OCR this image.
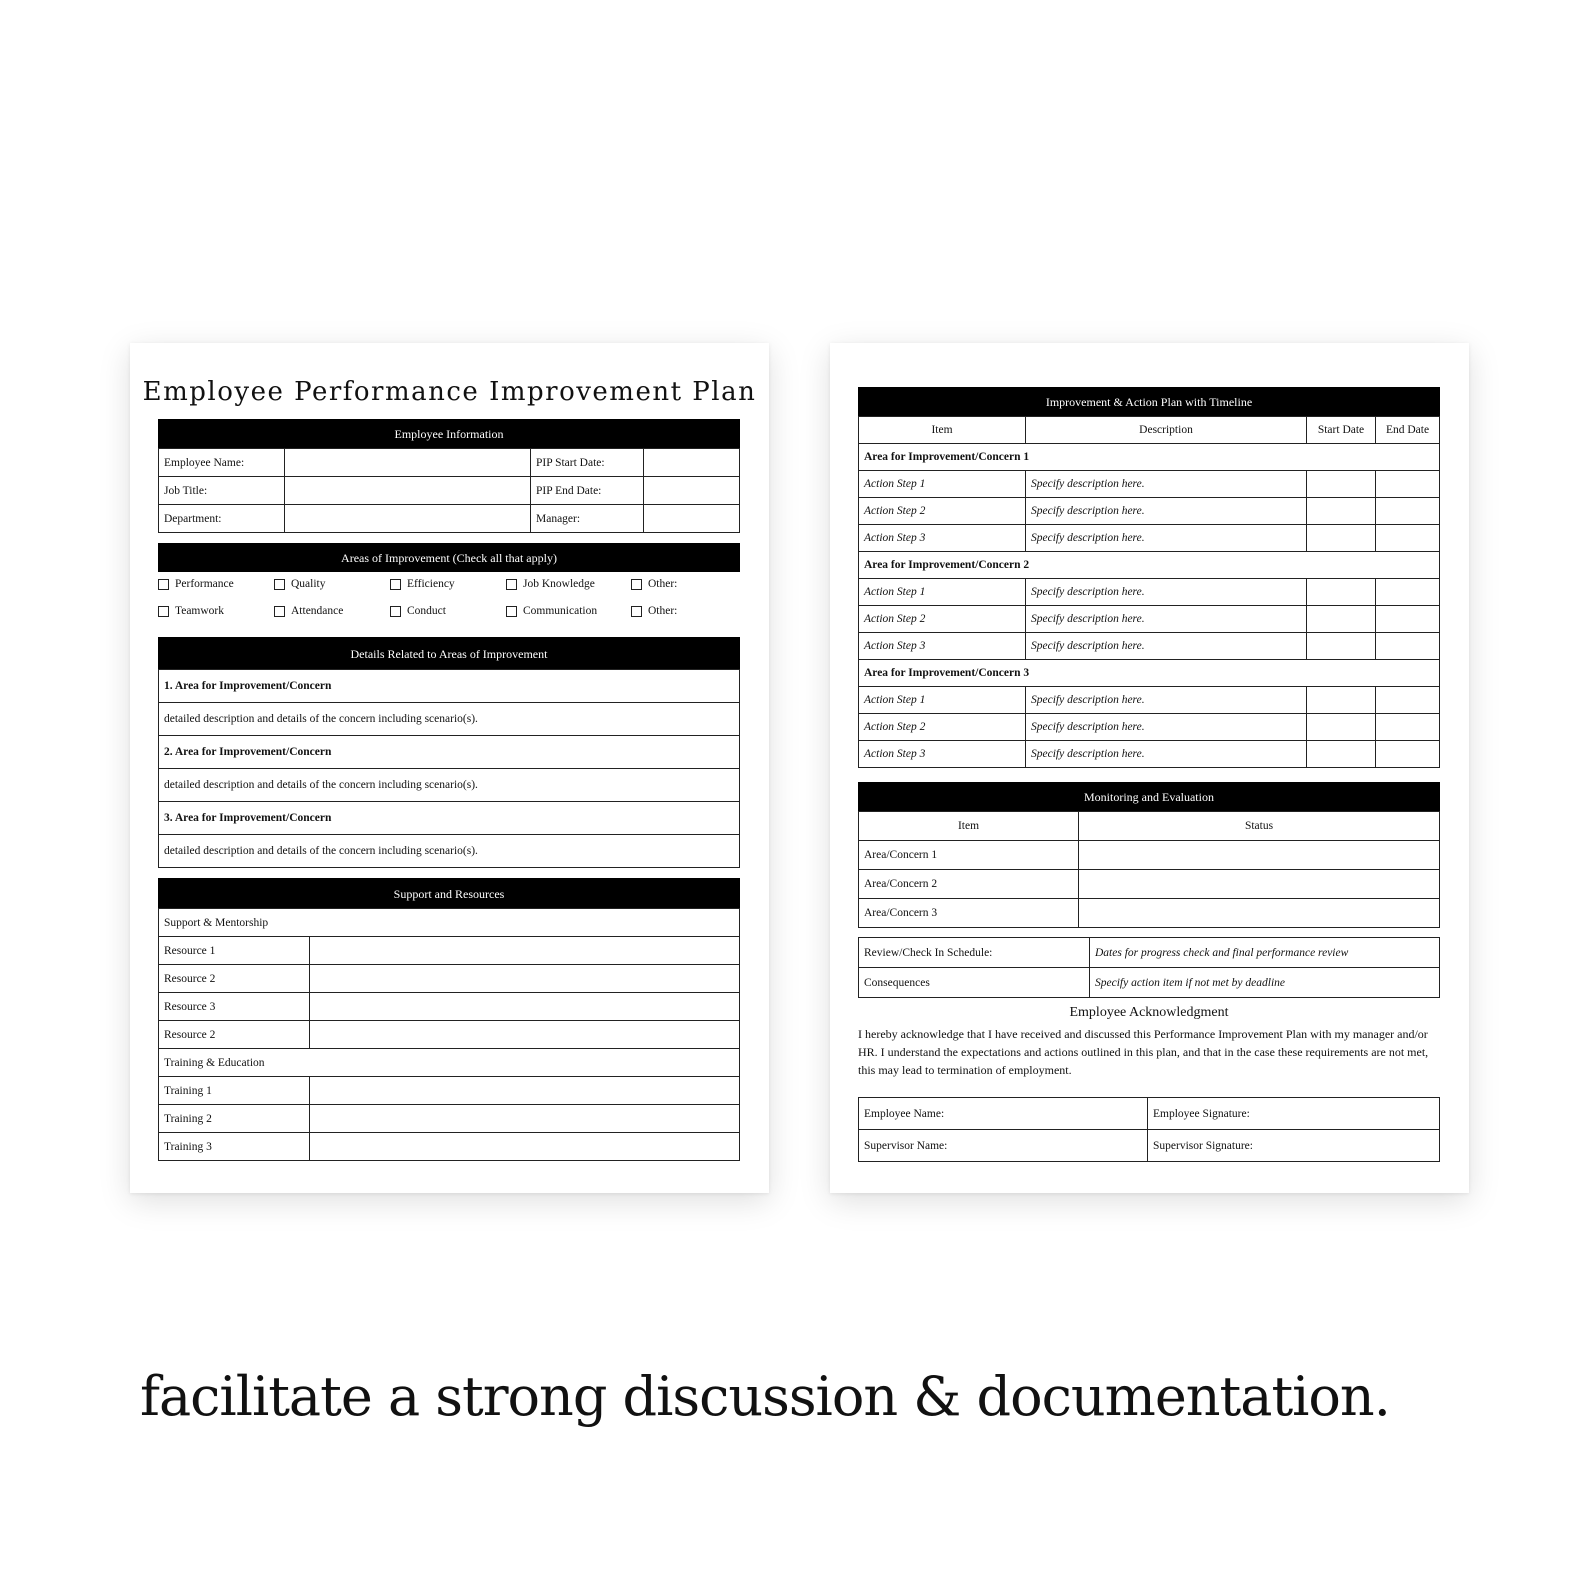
Employee Performance Improvement Plan
Employee Information
Employee Name:		PIP Start Date:	
Job Title:		PIP End Date:	
Department:		Manager:	
Areas of Improvement (Check all that apply)
Performance	Quality	Efficiency	Job Knowledge	Other:
Teamwork	Attendance	Conduct	Communication	Other:
Details Related to Areas of Improvement
1. Area for Improvement/Concern
detailed description and details of the concern including scenario(s).
2. Area for Improvement/Concern
detailed description and details of the concern including scenario(s).
3. Area for Improvement/Concern
detailed description and details of the concern including scenario(s).
Support and Resources
Support & Mentorship	
Resource 1	
Resource 2	
Resource 3	
Resource 2	
Training & Education	
Training 1	
Training 2	
Training 3	
Improvement & Action Plan with Timeline
Item	Description	Start Date	End Date
Area for Improvement/Concern 1			
Action Step 1	Specify description here.		
Action Step 2	Specify description here.		
Action Step 3	Specify description here.		
Area for Improvement/Concern 2			
Action Step 1	Specify description here.		
Action Step 2	Specify description here.		
Action Step 3	Specify description here.		
Area for Improvement/Concern 3			
Action Step 1	Specify description here.		
Action Step 2	Specify description here.		
Action Step 3	Specify description here.		
Monitoring and Evaluation
Item	Status
Area/Concern 1	
Area/Concern 2	
Area/Concern 3	
Review/Check In Schedule:	Dates for progress check and final performance review
Consequences	Specify action item if not met by deadline
Employee Acknowledgment
I hereby acknowledge that I have received and discussed this Performance Improvement Plan with my manager and/or HR. I understand the expectations and actions outlined in this plan, and that in the case these requirements are not met, this may lead to termination of employment.
Employee Name:	Employee Signature:
Supervisor Name:	Supervisor Signature:
facilitate a strong discussion & documentation.
